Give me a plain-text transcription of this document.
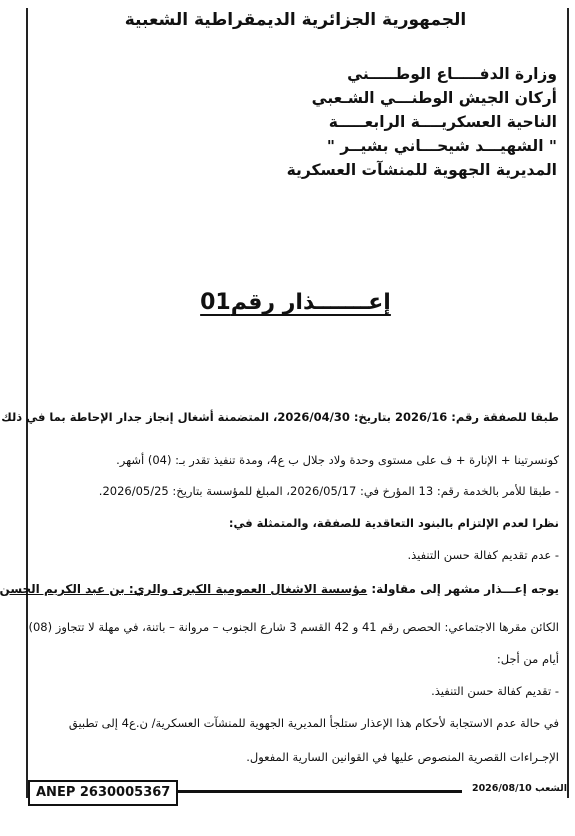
الجمهورية الجزائرية الديمقراطية الشعبية
وزارة الدفـــــاع الوطـــــني
أركان الجيش الوطنـــي الشـعبي
الناحية العسكريــــة الرابعـــــة
" الشهيـــد شيحـــاني بشيــر "
المديرية الجهوية للمنشآت العسكرية
إعـــــــذار رقم01
طبقا للصفقة رقم: 2026/16 بتاريخ: 2026/04/30، المتضمنة أشغال إنجاز جدار الإحاطة بما في ذلك
كونسرتينا + الإنارة + ف على مستوى وحدة ولاد جلال ب ع4، ومدة تنفيذ تقدر بـ: (04) أشهر.
- طبقا للأمر بالخدمة رقم: 13 المؤرخ في: 2026/05/17، المبلغ للمؤسسة بتاريخ: 2026/05/25.
نظرا لعدم الإلتزام بالبنود التعاقدية للصفقة، والمتمثلة في:
- عدم تقديم كفالة حسن التنفيذ.
يوجه إعـــذار مشهر إلى مقاولة: مؤسسة الاشغال العمومية الكبرى والري: بن عبد الكريم الحسن
الكائن مقرها الاجتماعي: الحصص رقم 41 و 42 القسم 3 شارع الجنوب – مروانة – باتنة، في مهلة لا تتجاوز (08)
أيام من أجل:
- تقديم كفالة حسن التنفيذ.
في حالة عدم الاستجابة لأحكام هذا الإعذار ستلجأ المديرية الجهوية للمنشآت العسكرية/ ن.ع4 إلى تطبيق
الإجـراءات القصرية المنصوص عليها في القوانين السارية المفعول.
ANEP 2630005367	الشعب 2026/08/10
